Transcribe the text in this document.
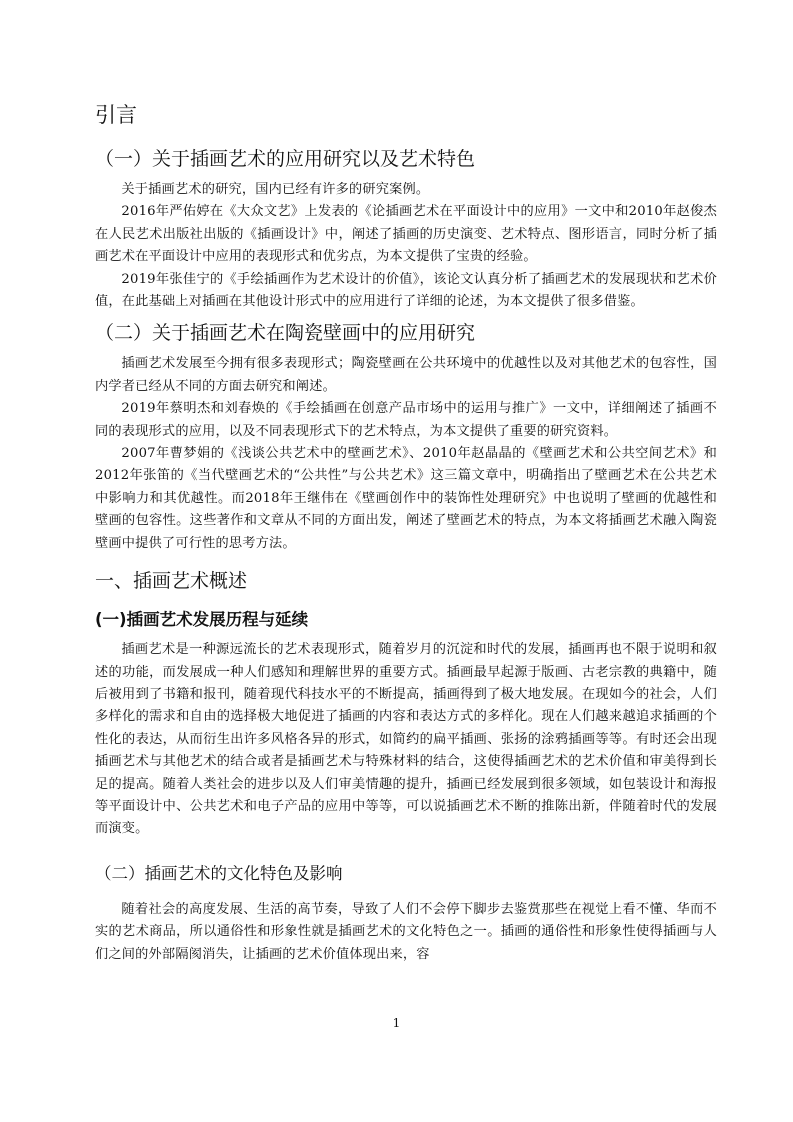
引言
（一）关于插画艺术的应用研究以及艺术特色

关于插画艺术的研究，国内已经有许多的研究案例。

2016年严佑婷在《大众文艺》上发表的《论插画艺术在平面设计中的应用》一文中和2010年赵俊杰在人民艺术出版社出版的《插画设计》中，阐述了插画的历史演变、艺术特点、图形语言，同时分析了插画艺术在平面设计中应用的表现形式和优劣点，为本文提供了宝贵的经验。

2019年张佳宁的《手绘插画作为艺术设计的价值》，该论文认真分析了插画艺术的发展现状和艺术价值，在此基础上对插画在其他设计形式中的应用进行了详细的论述，为本文提供了很多借鉴。

（二）关于插画艺术在陶瓷壁画中的应用研究

插画艺术发展至今拥有很多表现形式；陶瓷壁画在公共环境中的优越性以及对其他艺术的包容性，国内学者已经从不同的方面去研究和阐述。

2019年蔡明杰和刘春焕的《手绘插画在创意产品市场中的运用与推广》一文中，详细阐述了插画不同的表现形式的应用，以及不同表现形式下的艺术特点，为本文提供了重要的研究资料。

2007年曹梦娟的《浅谈公共艺术中的壁画艺术》、2010年赵晶晶的《壁画艺术和公共空间艺术》和2012年张笛的《当代壁画艺术的“公共性”与公共艺术》这三篇文章中，明确指出了壁画艺术在公共艺术中影响力和其优越性。而2018年王继伟在《壁画创作中的装饰性处理研究》中也说明了壁画的优越性和壁画的包容性。这些著作和文章从不同的方面出发，阐述了壁画艺术的特点，为本文将插画艺术融入陶瓷壁画中提供了可行性的思考方法。

一、插画艺术概述
(一)插画艺术发展历程与延续

插画艺术是一种源远流长的艺术表现形式，随着岁月的沉淀和时代的发展，插画再也不限于说明和叙述的功能，而发展成一种人们感知和理解世界的重要方式。插画最早起源于版画、古老宗教的典籍中，随后被用到了书籍和报刊，随着现代科技水平的不断提高，插画得到了极大地发展。在现如今的社会，人们多样化的需求和自由的选择极大地促进了插画的内容和表达方式的多样化。现在人们越来越追求插画的个性化的表达，从而衍生出许多风格各异的形式，如简约的扁平插画、张扬的涂鸦插画等等。有时还会出现插画艺术与其他艺术的结合或者是插画艺术与特殊材料的结合，这使得插画艺术的艺术价值和审美得到长足的提高。随着人类社会的进步以及人们审美情趣的提升，插画已经发展到很多领域，如包装设计和海报等平面设计中、公共艺术和电子产品的应用中等等，可以说插画艺术不断的推陈出新，伴随着时代的发展而演变。

（二）插画艺术的文化特色及影响

随着社会的高度发展、生活的高节奏，导致了人们不会停下脚步去鉴赏那些在视觉上看不懂、华而不实的艺术商品，所以通俗性和形象性就是插画艺术的文化特色之一。插画的通俗性和形象性使得插画与人们之间的外部隔阂消失，让插画的艺术价值体现出来，容

1
